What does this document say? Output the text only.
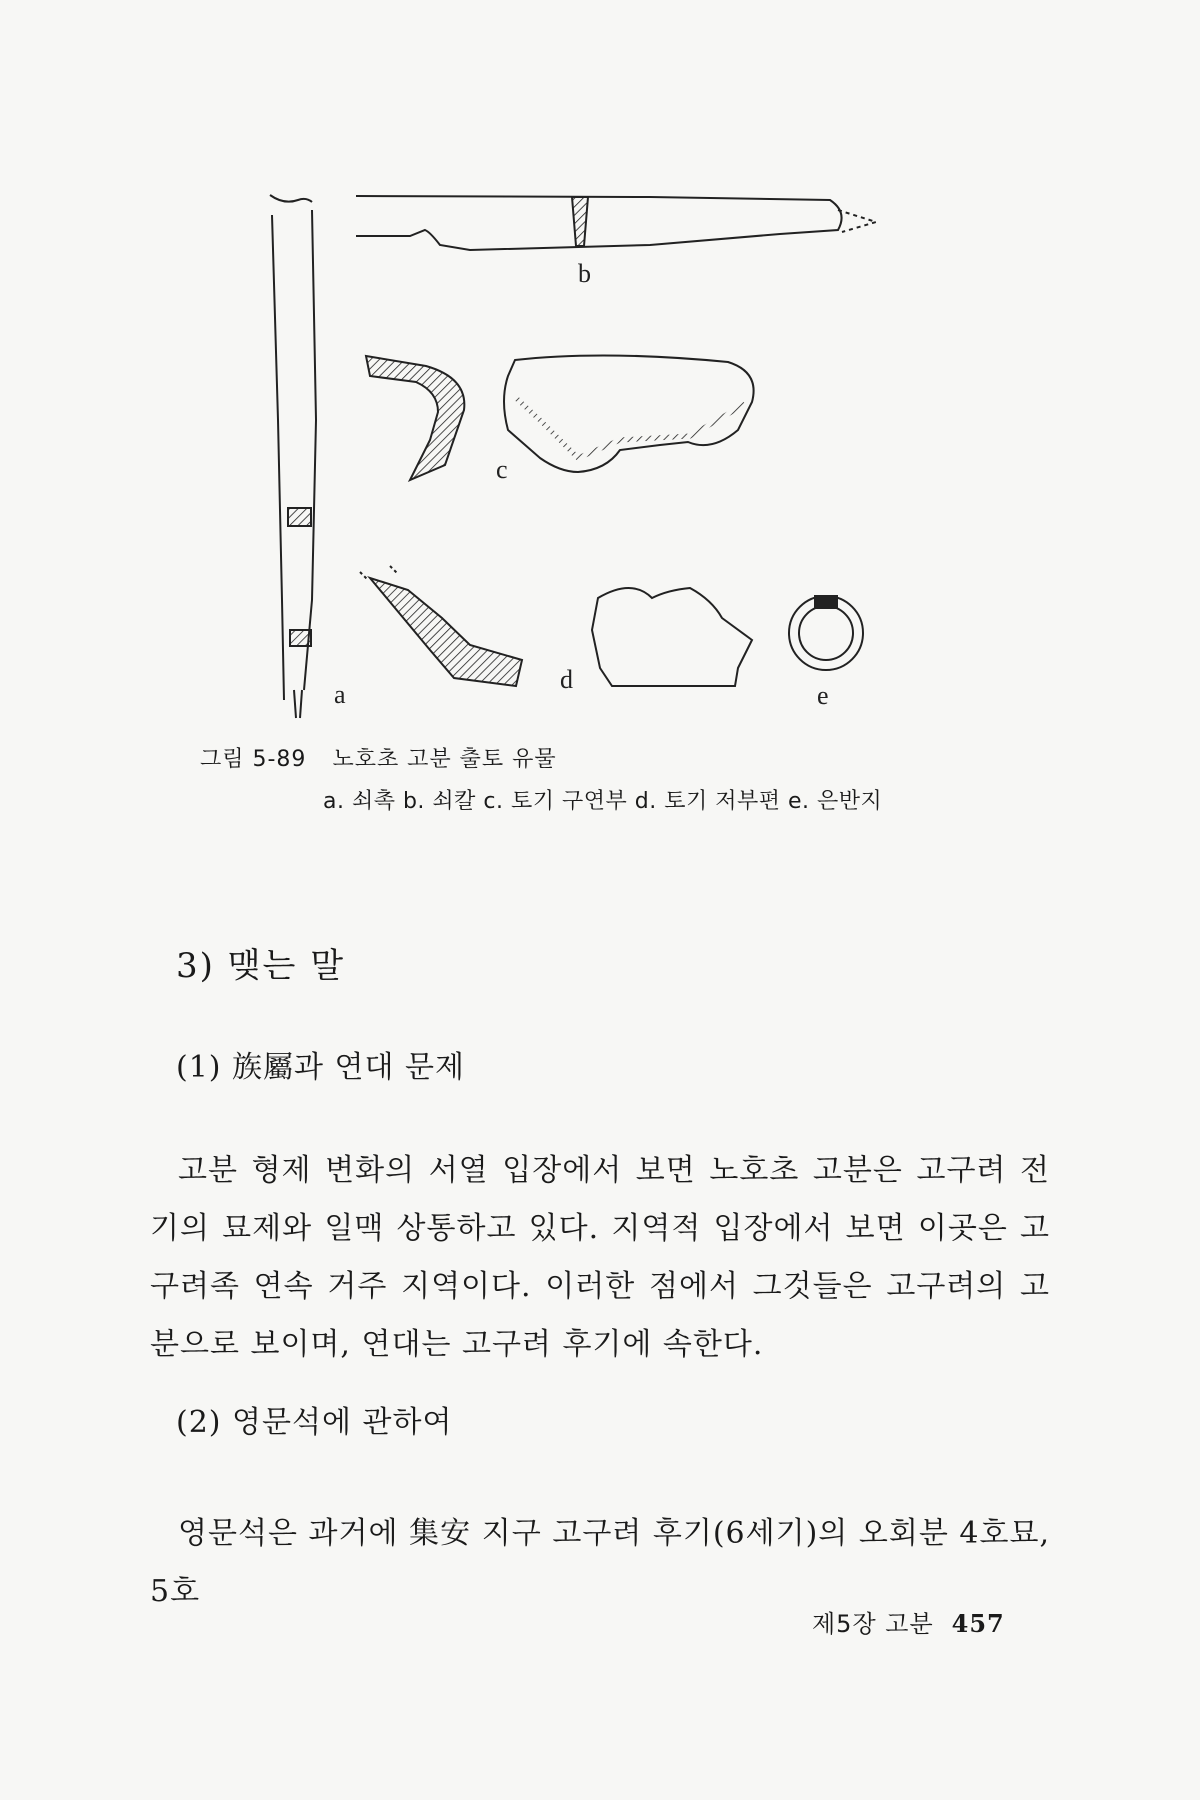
b
c
a
d
e
그림 5-89 노호초 고분 출토 유물
a. 쇠촉 b. 쇠칼 c. 토기 구연부 d. 토기 저부편 e. 은반지
3) 맺는 말
(1) 族屬과 연대 문제
고분 형제 변화의 서열 입장에서 보면 노호초 고분은 고구려 전기의 묘제와 일맥 상통하고 있다. 지역적 입장에서 보면 이곳은 고구려족 연속 거주 지역이다. 이러한 점에서 그것들은 고구려의 고분으로 보이며, 연대는 고구려 후기에 속한다.
(2) 영문석에 관하여
영문석은 과거에 集安 지구 고구려 후기(6세기)의 오회분 4호묘, 5호
제5장 고분 457
